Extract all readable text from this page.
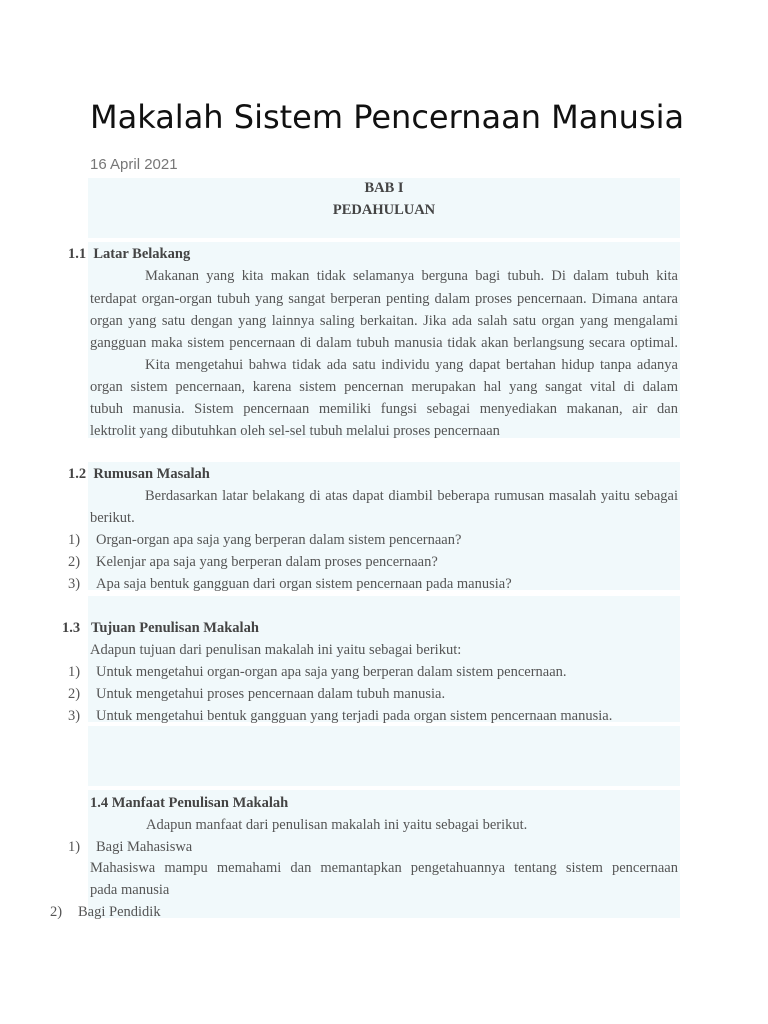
Makalah Sistem Pencernaan Manusia
16 April 2021
BAB I
PEDAHULUAN
1.1 Latar Belakang
Makanan yang kita makan tidak selamanya berguna bagi tubuh. Di dalam tubuh kita
terdapat organ-organ tubuh yang sangat berperan penting dalam proses pencernaan. Dimana antara
organ yang satu dengan yang lainnya saling berkaitan. Jika ada salah satu organ yang mengalami
gangguan maka sistem pencernaan di dalam tubuh manusia tidak akan berlangsung secara optimal.
Kita mengetahui bahwa tidak ada satu individu yang dapat bertahan hidup tanpa adanya
organ sistem pencernaan, karena sistem pencernan merupakan hal yang sangat vital di dalam
tubuh manusia. Sistem pencernaan memiliki fungsi sebagai menyediakan makanan, air dan
lektrolit yang dibutuhkan oleh sel-sel tubuh melalui proses pencernaan
1.2 Rumusan Masalah
Berdasarkan latar belakang di atas dapat diambil beberapa rumusan masalah yaitu sebagai
berikut.
1) Organ-organ apa saja yang berperan dalam sistem pencernaan?
2) Kelenjar apa saja yang berperan dalam proses pencernaan?
3) Apa saja bentuk gangguan dari organ sistem pencernaan pada manusia?
1.3 Tujuan Penulisan Makalah
Adapun tujuan dari penulisan makalah ini yaitu sebagai berikut:
1) Untuk mengetahui organ-organ apa saja yang berperan dalam sistem pencernaan.
2) Untuk mengetahui proses pencernaan dalam tubuh manusia.
3) Untuk mengetahui bentuk gangguan yang terjadi pada organ sistem pencernaan manusia.
1.4 Manfaat Penulisan Makalah
Adapun manfaat dari penulisan makalah ini yaitu sebagai berikut.
1) Bagi Mahasiswa
Mahasiswa mampu memahami dan memantapkan pengetahuannya tentang sistem pencernaan
pada manusia
2) Bagi Pendidik
